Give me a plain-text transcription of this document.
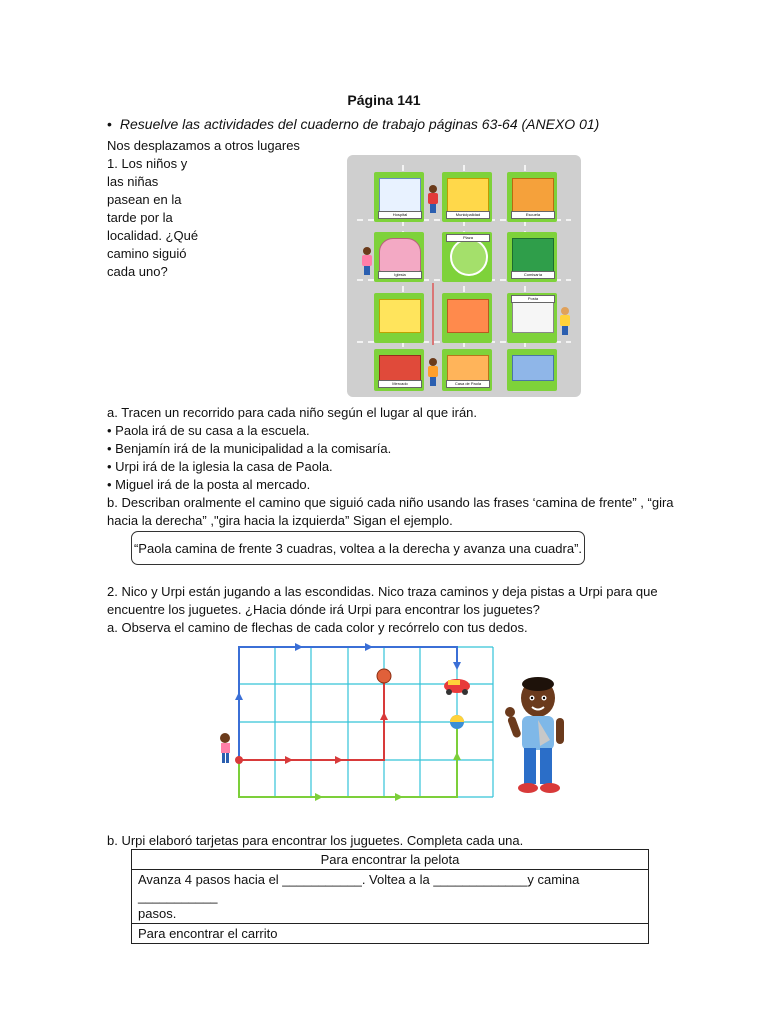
Página 141
• Resuelve las actividades del cuaderno de trabajo páginas 63-64 (ANEXO 01)
Nos desplazamos a otros lugares
1. Los niños y
las niñas
pasean en la
tarde por la
localidad. ¿Qué
camino siguió
cada uno?
Hospital	Municipalidad	Escuela
Iglesia
Plaza
Comisaría
Posta
Mercado	Casa de Paola
a. Tracen un recorrido para cada niño según el lugar al que irán.
• Paola irá de su casa a la escuela.
• Benjamín irá de la municipalidad a la comisaría.
• Urpi irá de la iglesia la casa de Paola.
• Miguel irá de la posta al mercado.
b. Describan oralmente el camino que siguió cada niño usando las frases ‘camina de frente” , “gira
hacia la derecha” ,"gira hacia la izquierda” Sigan el ejemplo.
“Paola camina de frente 3 cuadras, voltea a la derecha y avanza una cuadra”.
2. Nico y Urpi están jugando a las escondidas. Nico traza caminos y deja pistas a Urpi para que
encuentre los juguetes. ¿Hacia dónde irá Urpi para encontrar los juguetes?
a. Observa el camino de flechas de cada color y recórrelo con tus dedos.
b. Urpi elaboró tarjetas para encontrar los juguetes. Completa cada una.
Para encontrar la pelota

Avanza 4 pasos hacia el ___________. Voltea a la _____________y camina ___________
pasos.

Para encontrar el carrito
